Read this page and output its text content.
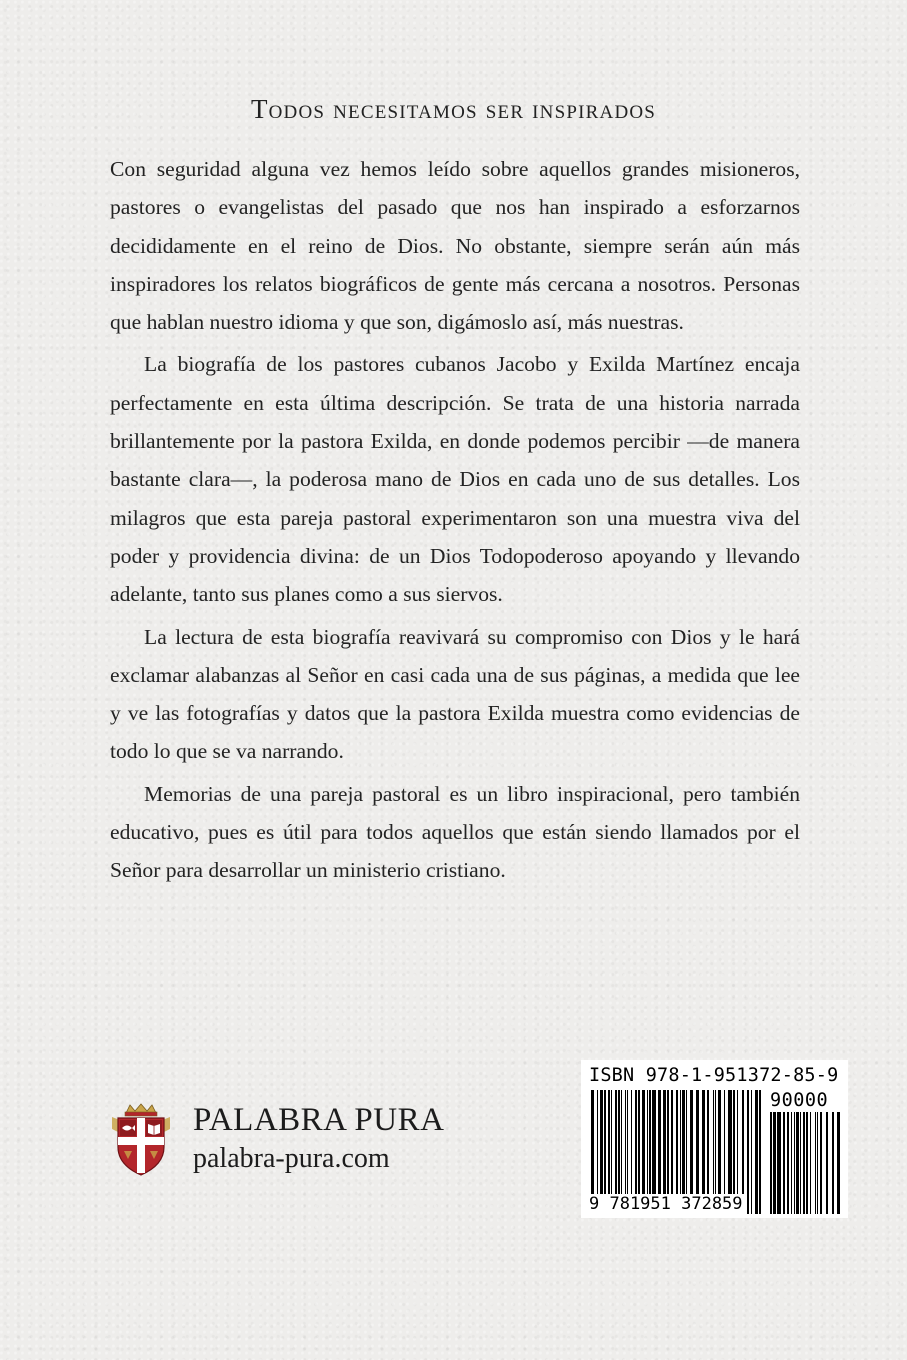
Todos necesitamos ser inspirados

Con seguridad alguna vez hemos leído sobre aquellos grandes misioneros, pastores o evangelistas del pasado que nos han inspirado a esforzarnos decididamente en el reino de Dios. No obstante, siempre serán aún más inspiradores los relatos biográficos de gente más cercana a nosotros. Personas que hablan nuestro idioma y que son, digámoslo así, más nuestras.

La biografía de los pastores cubanos Jacobo y Exilda Martínez encaja perfectamente en esta última descripción. Se trata de una historia narrada brillantemente por la pastora Exilda, en donde podemos percibir —de manera bastante clara—, la poderosa mano de Dios en cada uno de sus detalles. Los milagros que esta pareja pastoral experimentaron son una muestra viva del poder y providencia divina: de un Dios Todopoderoso apoyando y llevando adelante, tanto sus planes como a sus siervos.

La lectura de esta biografía reavivará su compromiso con Dios y le hará exclamar alabanzas al Señor en casi cada una de sus páginas, a medida que lee y ve las fotografías y datos que la pastora Exilda muestra como evidencias de todo lo que se va narrando.

Memorias de una pareja pastoral es un libro inspiracional, pero también educativo, pues es útil para todos aquellos que están siendo llamados por el Señor para desarrollar un ministerio cristiano.

PALABRA PURA
palabra-pura.com
ISBN 978-1-951372-85-9
90000
9 781951 372859
